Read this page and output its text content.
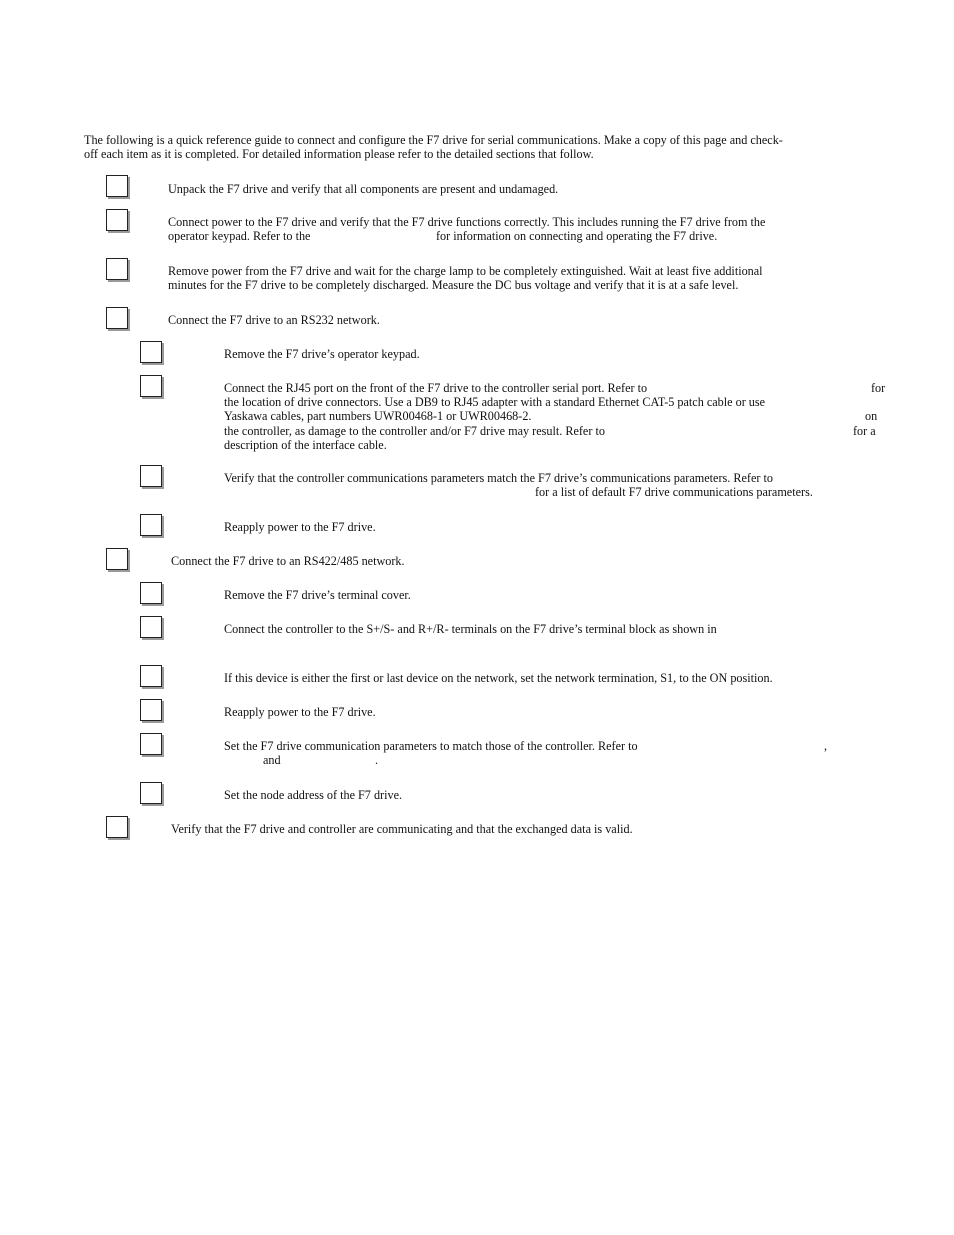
The following is a quick reference guide to connect and configure the F7 drive for serial communications. Make a copy of this page and check-
off each item as it is completed. For detailed information please refer to the detailed sections that follow.

Unpack the F7 drive and verify that all components are present and undamaged.
Connect power to the F7 drive and verify that the F7 drive functions correctly. This includes running the F7 drive from the
operator keypad. Refer to the	for information on connecting and operating the F7 drive.
Remove power from the F7 drive and wait for the charge lamp to be completely extinguished. Wait at least five additional
minutes for the F7 drive to be completely discharged. Measure the DC bus voltage and verify that it is at a safe level.
Connect the F7 drive to an RS232 network.
Remove the F7 drive’s operator keypad.
Connect the RJ45 port on the front of the F7 drive to the controller serial port. Refer to	for
the location of drive connectors. Use a DB9 to RJ45 adapter with a standard Ethernet CAT-5 patch cable or use
Yaskawa cables, part numbers UWR00468-1 or UWR00468-2.	on
the controller, as damage to the controller and/or F7 drive may result. Refer to	for a
description of the interface cable.
Verify that the controller communications parameters match the F7 drive’s communications parameters. Refer to
for a list of default F7 drive communications parameters.
Reapply power to the F7 drive.
Connect the F7 drive to an RS422/485 network.
Remove the F7 drive’s terminal cover.
Connect the controller to the S+/S- and R+/R- terminals on the F7 drive’s terminal block as shown in
If this device is either the first or last device on the network, set the network termination, S1, to the ON position.
Reapply power to the F7 drive.
Set the F7 drive communication parameters to match those of the controller. Refer to	,
and	.
Set the node address of the F7 drive.
Verify that the F7 drive and controller are communicating and that the exchanged data is valid.
